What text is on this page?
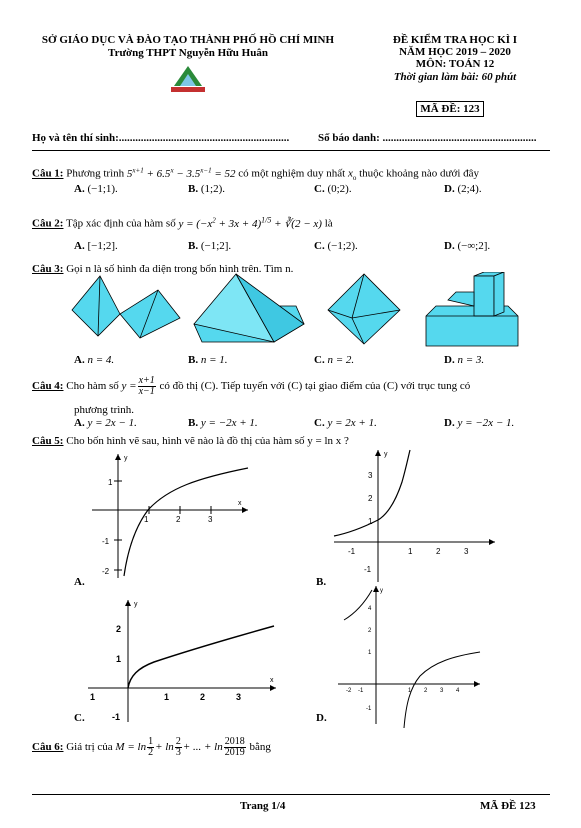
SỞ GIÁO DỤC VÀ ĐÀO TẠO THÀNH PHỐ HỒ CHÍ MINH
Trường THPT Nguyễn Hữu Huân
ĐỀ KIỂM TRA HỌC KÌ I
NĂM HỌC 2019 – 2020
MÔN: TOÁN 12
Thời gian làm bài: 60 phút
MÃ ĐỀ: 123
Họ và tên thí sinh:..............................................................	Số báo danh: ........................................................
Câu 1: Phương trình $5^{x+1} + 6.5^x - 3.5^{x-1} = 52$ có một nghiệm duy nhất $x_o$ thuộc khoảng nào dưới đây
A. (−1;1).	B. (1;2).	C. (0;2).	D. (2;4).
Câu 2: Tập xác định của hàm số $y = (-x^2 + 3x + 4)^{1/5}$ + ∛(2 − x) là
A. [−1;2].	B. (−1;2].	C. (−1;2).	D. (−∞;2].
Câu 3: Gọi n là số hình đa diện trong bốn hình trên. Tìm n.
A. n = 4.	B. n = 1.	C. n = 2.	D. n = 3.
Câu 4: Cho hàm số $y = \frac{x+1}{x-1}$ có đồ thị (C). Tiếp tuyến với (C) tại giao điểm của (C) với trục tung có
phương trình.
A. y = 2x − 1.	B. y = −2x + 1.	C. y = 2x + 1.	D. y = −2x − 1.
Câu 5: Cho bốn hình vẽ sau, hình vẽ nào là đồ thị của hàm số y = ln x ?
y
x
1
-1
-2
1	2	3
A.
y
3
2
1
-1
-1	1	2	3
B.
y
x
2
1
-1
1	1	2	3
C.
y
-2 -1	1 2 3 4
4
2
1
-1
D.
Câu 6: Giá trị của $M = \ln \frac{1}{2} + \ln \frac{2}{3}$ + ... + $\ln \frac{2018}{2019}$ bằng
Trang 1/4	MÃ ĐỀ 123
